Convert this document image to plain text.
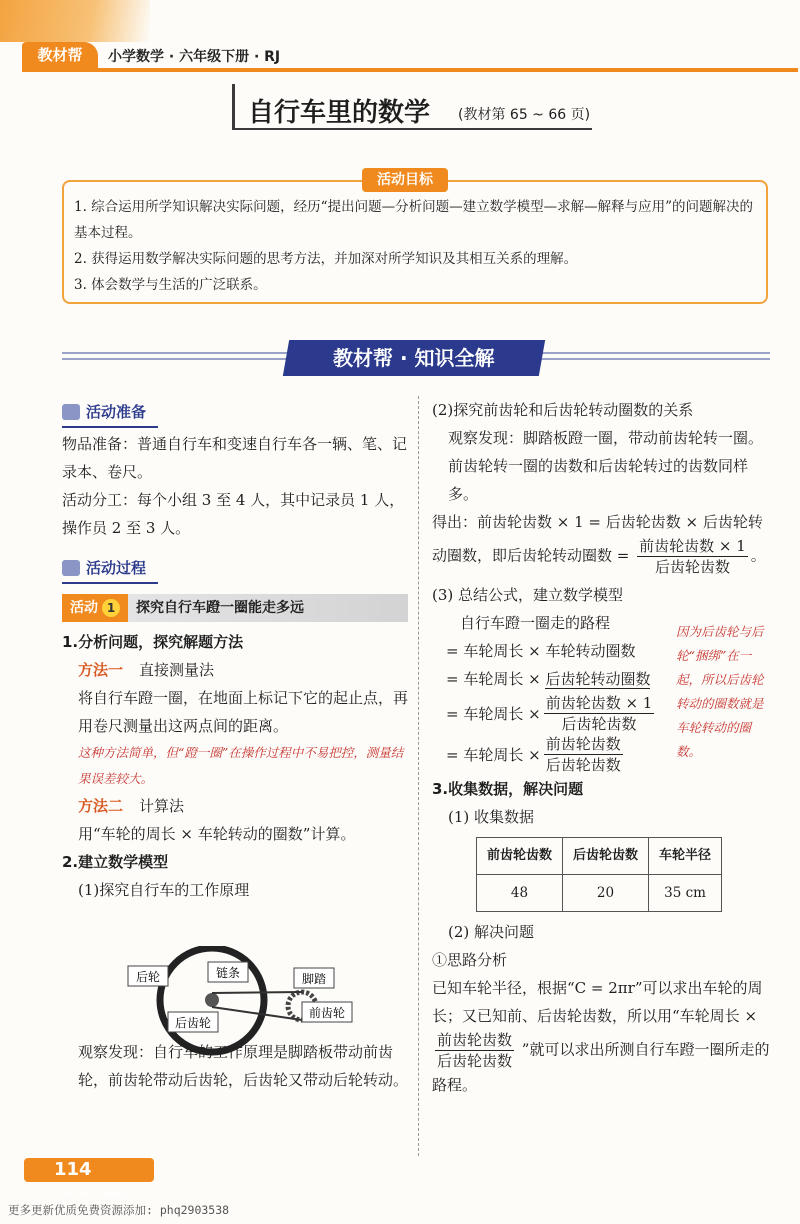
教材帮	小学数学 · 六年级下册 · RJ
自行车里的数学 (教材第 65 ~ 66 页)
1. 综合运用所学知识解决实际问题，经历“提出问题—分析问题—建立数学模型—求解—解释与应用”的问题解决的基本过程。
2. 获得运用数学解决实际问题的思考方法，并加深对所学知识及其相互关系的理解。
3. 体会数学与生活的广泛联系。
活动目标
教材帮 · 知识全解
活动准备
物品准备：普通自行车和变速自行车各一辆、笔、记录本、卷尺。
活动分工：每个小组 3 至 4 人，其中记录员 1 人，操作员 2 至 3 人。
活动过程
活动 1	探究自行车蹬一圈能走多远
1.分析问题，探究解题方法
方法一 直接测量法
将自行车蹬一圈，在地面上标记下它的起止点，再用卷尺测量出这两点间的距离。
这种方法简单，但“蹬一圈”在操作过程中不易把控，测量结果误差较大。
方法二 计算法
用“车轮的周长 × 车轮转动的圈数”计算。
2.建立数学模型
(1)探究自行车的工作原理
观察发现：自行车的工作原理是脚踏板带动前齿轮，前齿轮带动后齿轮，后齿轮又带动后轮转动。
后轮	链条	脚踏
前齿轮
后齿轮
(2)探究前齿轮和后齿轮转动圈数的关系
观察发现：脚踏板蹬一圈，带动前齿轮转一圈。前齿轮转一圈的齿数和后齿轮转过的齿数同样多。
得出：前齿轮齿数 × 1 = 后齿轮齿数 × 后齿轮转动圈数，即后齿轮转动圈数 = $\frac{\text{前齿轮齿数 × 1}}{\text{后齿轮齿数}}$ 。
(3) 总结公式，建立数学模型
自行车蹬一圈走的路程
= 车轮周长 × 车轮转动圈数
= 车轮周长 × 后齿轮转动圈数
= 车轮周长 × $\frac{\text{前齿轮齿数 × 1}}{\text{后齿轮齿数}}$
= 车轮周长 × $\frac{\text{前齿轮齿数}}{\text{后齿轮齿数}}$
3.收集数据，解决问题
(1) 收集数据
前齿轮齿数	后齿轮齿数	车轮半径
48	20	35 cm
(2) 解决问题
①思路分析
已知车轮半径，根据“C = 2πr”可以求出车轮的周长；又已知前、后齿轮齿数，所以用“车轮周长 ×
$\frac{\text{前齿轮齿数}}{\text{后齿轮齿数}}$ ”就可以求出所测自行车蹬一圈所走的路程。
因为后齿轮与后轮“捆绑”在一起，所以后齿轮转动的圈数就是车轮转动的圈数。
114上课认真听 下课练关系
更多更新优质免费资源添加: phq2903538
